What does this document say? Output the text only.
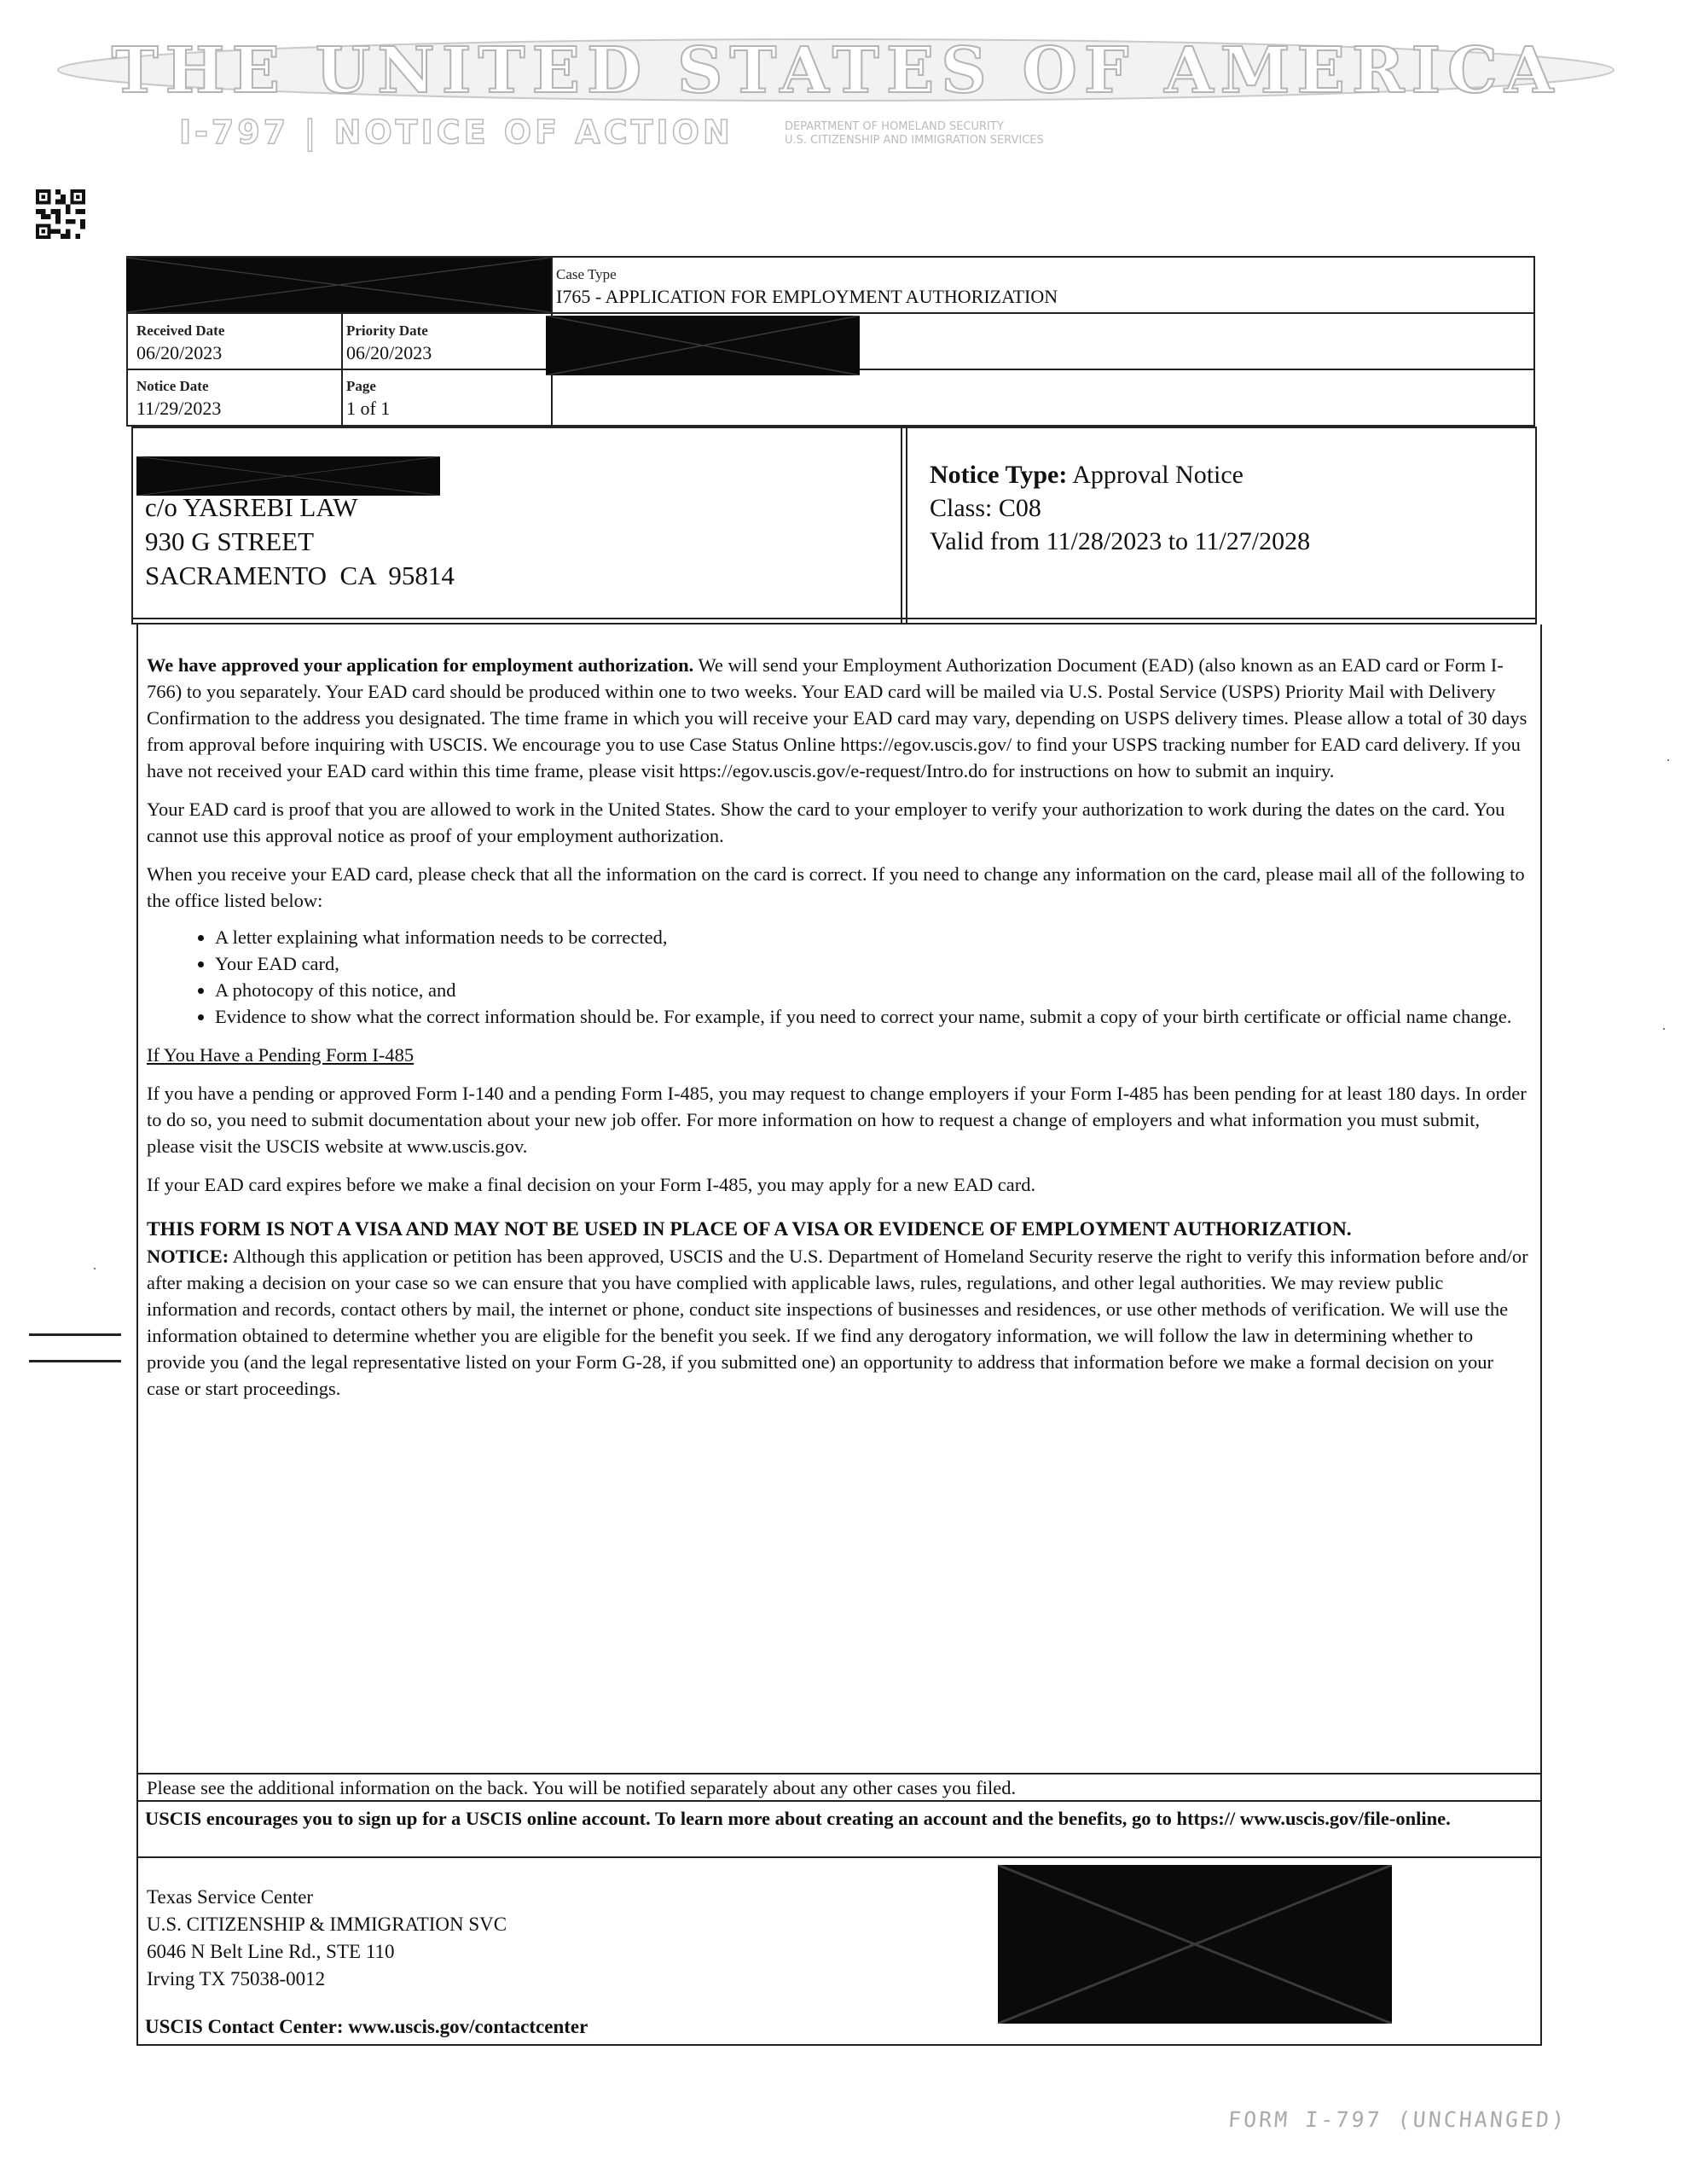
THE UNITED STATES OF AMERICA
I-797 | NOTICE OF ACTION	DEPARTMENT OF HOMELAND SECURITY
U.S. CITIZENSHIP AND IMMIGRATION SERVICES
Case Type
I765 - APPLICATION FOR EMPLOYMENT AUTHORIZATION
Received Date
06/20/2023
Priority Date
06/20/2023
Notice Date
11/29/2023
Page
1 of 1
c/o YASREBI LAW
930 G STREET
SACRAMENTO  CA  95814
Notice Type: Approval Notice
Class: C08
Valid from 11/28/2023 to 11/27/2028

We have approved your application for employment authorization. We will send your Employment Authorization Document (EAD) (also known as an EAD card or Form I-766) to you separately. Your EAD card should be produced within one to two weeks. Your EAD card will be mailed via U.S. Postal Service (USPS) Priority Mail with Delivery Confirmation to the address you designated. The time frame in which you will receive your EAD card may vary, depending on USPS delivery times. Please allow a total of 30 days from approval before inquiring with USCIS. We encourage you to use Case Status Online https://egov.uscis.gov/ to find your USPS tracking number for EAD card delivery. If you have not received your EAD card within this time frame, please visit https://egov.uscis.gov/e-request/Intro.do for instructions on how to submit an inquiry.

Your EAD card is proof that you are allowed to work in the United States. Show the card to your employer to verify your authorization to work during the dates on the card. You cannot use this approval notice as proof of your employment authorization.

When you receive your EAD card, please check that all the information on the card is correct. If you need to change any information on the card, please mail all of the following to the office listed below:

• A letter explaining what information needs to be corrected,
• Your EAD card,
• A photocopy of this notice, and
• Evidence to show what the correct information should be. For example, if you need to correct your name, submit a copy of your birth certificate or official name change.

If You Have a Pending Form I-485

If you have a pending or approved Form I-140 and a pending Form I-485, you may request to change employers if your Form I-485 has been pending for at least 180 days. In order to do so, you need to submit documentation about your new job offer. For more information on how to request a change of employers and what information you must submit, please visit the USCIS website at www.uscis.gov.

If your EAD card expires before we make a final decision on your Form I-485, you may apply for a new EAD card.

THIS FORM IS NOT A VISA AND MAY NOT BE USED IN PLACE OF A VISA OR EVIDENCE OF EMPLOYMENT AUTHORIZATION.

NOTICE: Although this application or petition has been approved, USCIS and the U.S. Department of Homeland Security reserve the right to verify this information before and/or after making a decision on your case so we can ensure that you have complied with applicable laws, rules, regulations, and other legal authorities. We may review public information and records, contact others by mail, the internet or phone, conduct site inspections of businesses and residences, or use other methods of verification. We will use the information obtained to determine whether you are eligible for the benefit you seek. If we find any derogatory information, we will follow the law in determining whether to provide you (and the legal representative listed on your Form G-28, if you submitted one) an opportunity to address that information before we make a formal decision on your case or start proceedings.

Please see the additional information on the back. You will be notified separately about any other cases you filed.
USCIS encourages you to sign up for a USCIS online account. To learn more about creating an account and the benefits, go to https:// www.uscis.gov/file-online.
Texas Service Center
U.S. CITIZENSHIP & IMMIGRATION SVC
6046 N Belt Line Rd., STE 110
Irving TX 75038-0012
USCIS Contact Center: www.uscis.gov/contactcenter
FORM I-797 (UNCHANGED)
